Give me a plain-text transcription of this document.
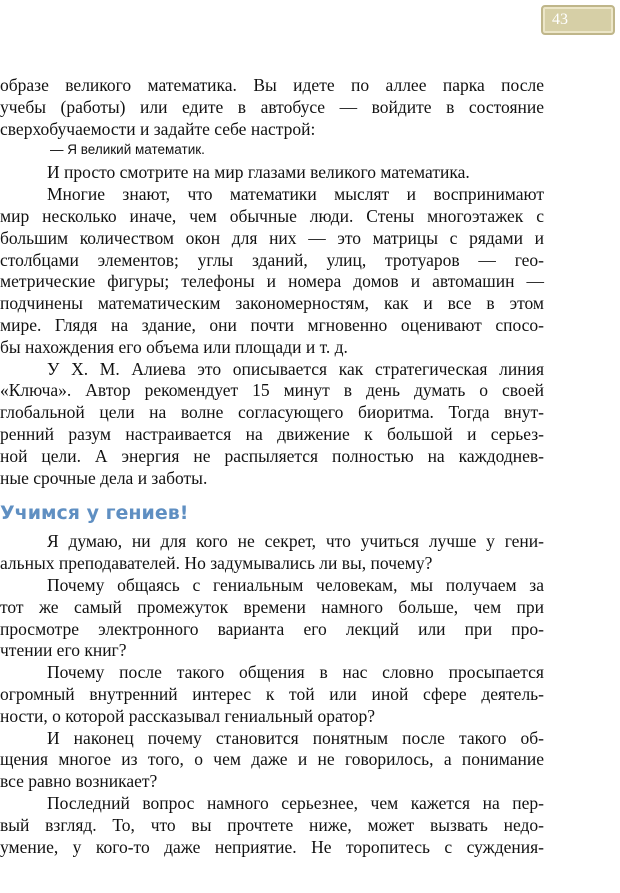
43
образе великого математика. Вы идете по аллее парка после
учебы (работы) или едите в автобусе — войдите в состояние
сверхобучаемости и задайте себе настрой:
— Я великий математик.
И просто смотрите на мир глазами великого математика.
Многие знают, что математики мыслят и воспринимают
мир несколько иначе, чем обычные люди. Стены многоэтажек с
большим количеством окон для них — это матрицы с рядами и
столбцами элементов; углы зданий, улиц, тротуаров — гео-
метрические фигуры; телефоны и номера домов и автомашин —
подчинены математическим закономерностям, как и все в этом
мире. Глядя на здание, они почти мгновенно оценивают спосо-
бы нахождения его объема или площади и т. д.
У Х. М. Алиева это описывается как стратегическая линия
«Ключа». Автор рекомендует 15 минут в день думать о своей
глобальной цели на волне согласующего биоритма. Тогда внут-
ренний разум настраивается на движение к большой и серьез-
ной цели. А энергия не распыляется полностью на каждоднев-
ные срочные дела и заботы.
Учимся у гениев!
Я думаю, ни для кого не секрет, что учиться лучше у гени-
альных преподавателей. Но задумывались ли вы, почему?
Почему общаясь с гениальным человекам, мы получаем за
тот же самый промежуток времени намного больше, чем при
просмотре электронного варианта его лекций или при про-
чтении его книг?
Почему после такого общения в нас словно просыпается
огромный внутренний интерес к той или иной сфере деятель-
ности, о которой рассказывал гениальный оратор?
И наконец почему становится понятным после такого об-
щения многое из того, о чем даже и не говорилось, а понимание
все равно возникает?
Последний вопрос намного серьезнее, чем кажется на пер-
вый взгляд. То, что вы прочтете ниже, может вызвать недо-
умение, у кого-то даже неприятие. Не торопитесь с суждения-
